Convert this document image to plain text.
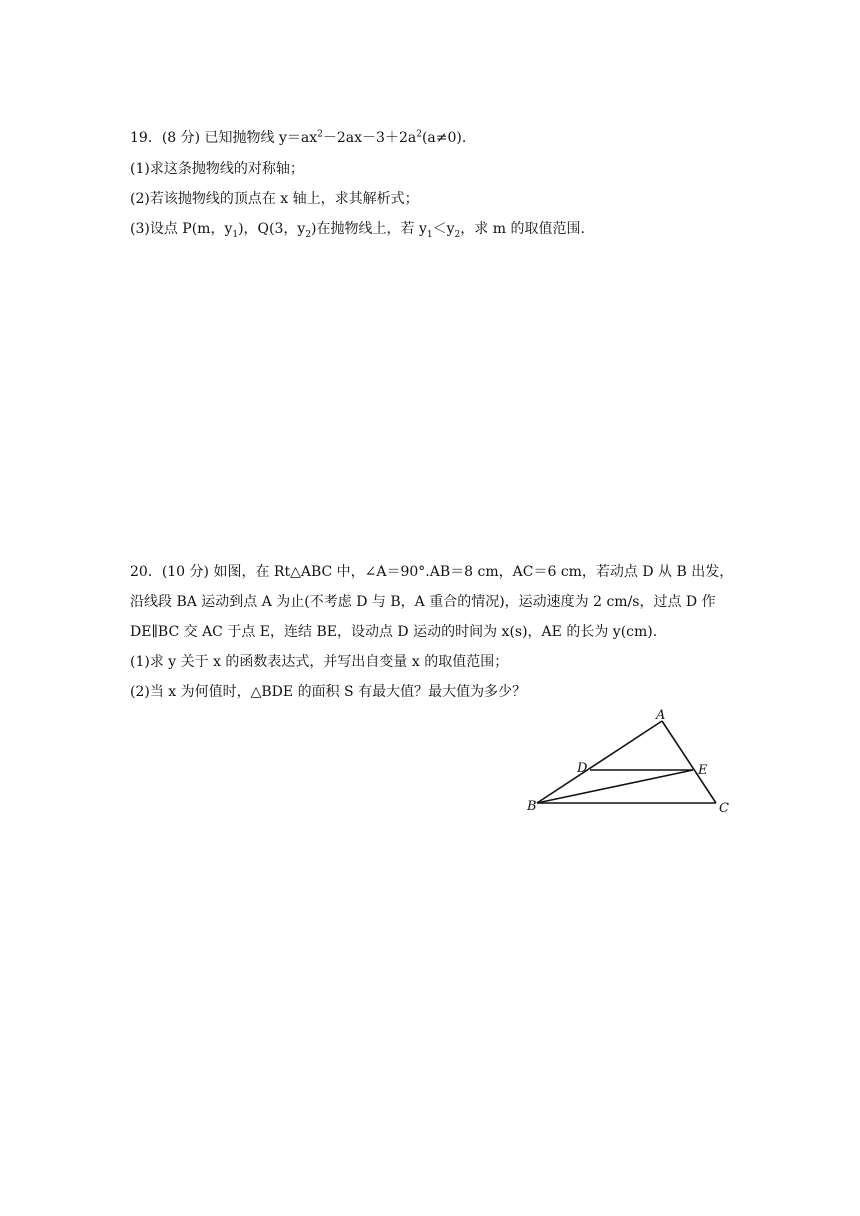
19．(8 分) 已知抛物线 $y=ax^2-2ax-3+2a^2(a\ne 0)$.

(1)求这条抛物线的对称轴；

(2)若该抛物线的顶点在 x 轴上，求其解析式；

(3)设点 P(m，$y_1$)，Q(3，$y_2$)在抛物线上，若 $y_1<y_2$，求 m 的取值范围.

20．(10 分) 如图，在 Rt△ABC 中，∠A＝90°.AB＝8 cm，AC＝6 cm，若动点 D 从 B 出发，

沿线段 BA 运动到点 A 为止(不考虑 D 与 B，A 重合的情况)，运动速度为 2 cm/s，过点 D 作

DE∥BC 交 AC 于点 E，连结 BE，设动点 D 运动的时间为 x(s)，AE 的长为 y(cm).

(1)求 y 关于 x 的函数表达式，并写出自变量 x 的取值范围；

(2)当 x 为何值时，△BDE 的面积 S 有最大值？最大值为多少？

A
B	C
D	E
